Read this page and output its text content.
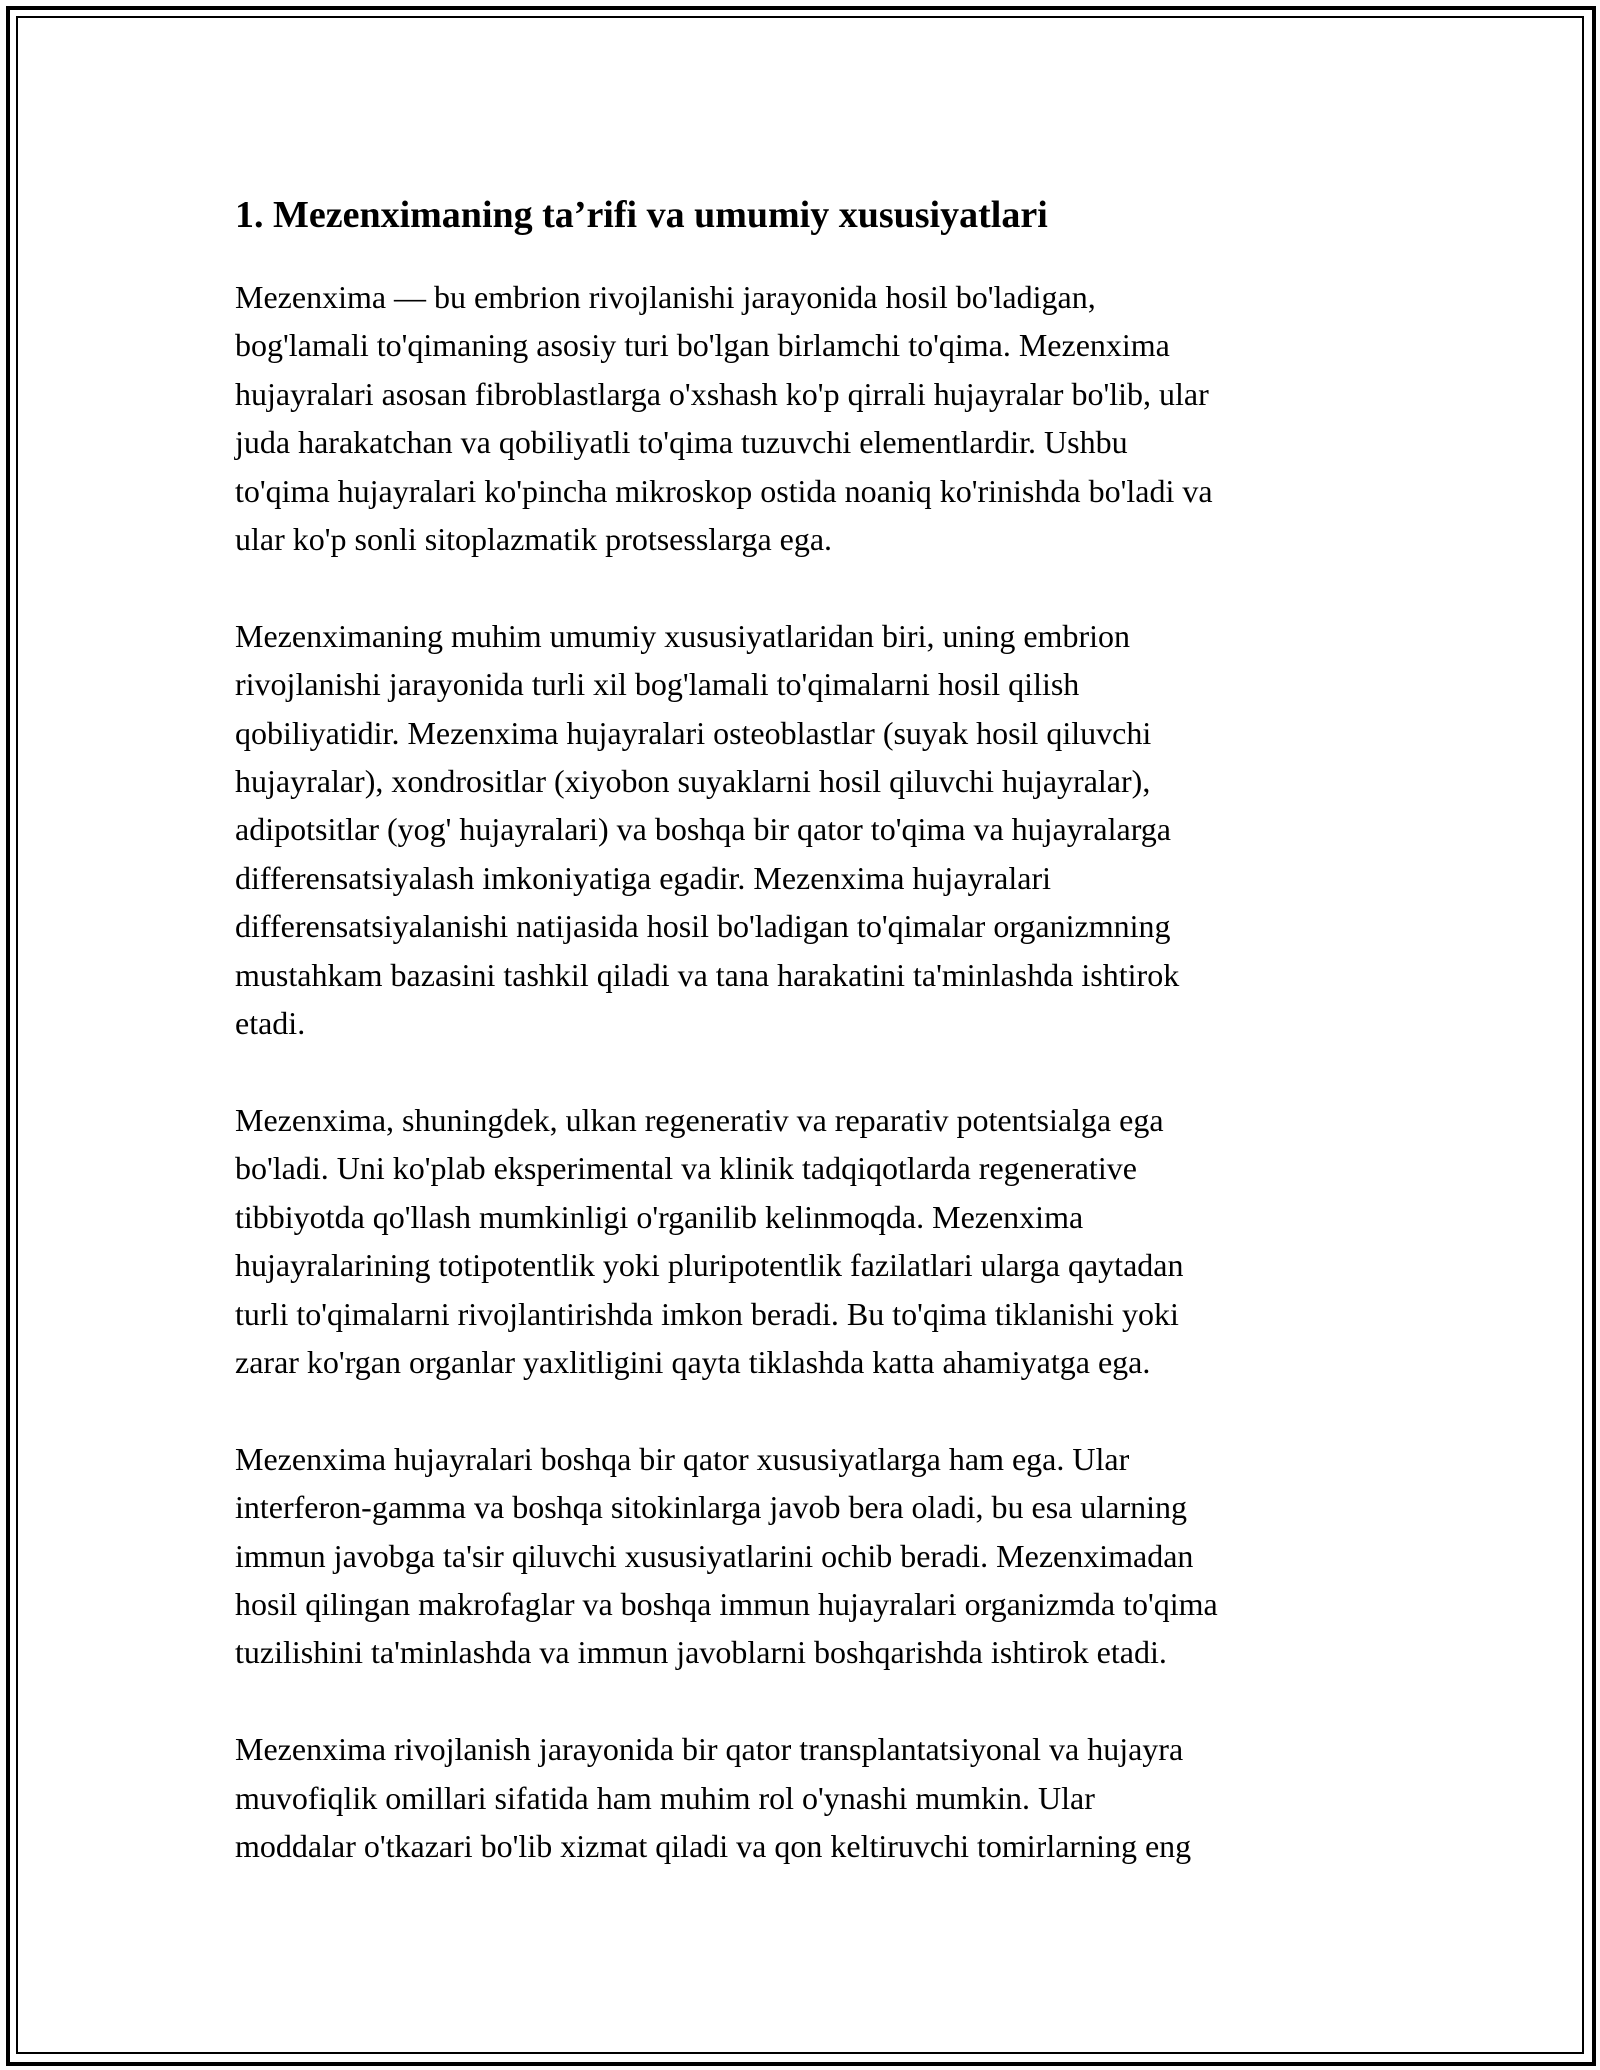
1. Mezenximaning ta’rifi va umumiy xususiyatlari

Mezenxima — bu embrion rivojlanishi jarayonida hosil bo'ladigan,
bog'lamali to'qimaning asosiy turi bo'lgan birlamchi to'qima. Mezenxima
hujayralari asosan fibroblastlarga o'xshash ko'p qirrali hujayralar bo'lib, ular
juda harakatchan va qobiliyatli to'qima tuzuvchi elementlardir. Ushbu
to'qima hujayralari ko'pincha mikroskop ostida noaniq ko'rinishda bo'ladi va
ular ko'p sonli sitoplazmatik protsesslarga ega.

Mezenximaning muhim umumiy xususiyatlaridan biri, uning embrion
rivojlanishi jarayonida turli xil bog'lamali to'qimalarni hosil qilish
qobiliyatidir. Mezenxima hujayralari osteoblastlar (suyak hosil qiluvchi
hujayralar), xondrositlar (xiyobon suyaklarni hosil qiluvchi hujayralar),
adipotsitlar (yog' hujayralari) va boshqa bir qator to'qima va hujayralarga
differensatsiyalash imkoniyatiga egadir. Mezenxima hujayralari
differensatsiyalanishi natijasida hosil bo'ladigan to'qimalar organizmning
mustahkam bazasini tashkil qiladi va tana harakatini ta'minlashda ishtirok
etadi.

Mezenxima, shuningdek, ulkan regenerativ va reparativ potentsialga ega
bo'ladi. Uni ko'plab eksperimental va klinik tadqiqotlarda regenerative
tibbiyotda qo'llash mumkinligi o'rganilib kelinmoqda. Mezenxima
hujayralarining totipotentlik yoki pluripotentlik fazilatlari ularga qaytadan
turli to'qimalarni rivojlantirishda imkon beradi. Bu to'qima tiklanishi yoki
zarar ko'rgan organlar yaxlitligini qayta tiklashda katta ahamiyatga ega.

Mezenxima hujayralari boshqa bir qator xususiyatlarga ham ega. Ular
interferon-gamma va boshqa sitokinlarga javob bera oladi, bu esa ularning
immun javobga ta'sir qiluvchi xususiyatlarini ochib beradi. Mezenximadan
hosil qilingan makrofaglar va boshqa immun hujayralari organizmda to'qima
tuzilishini ta'minlashda va immun javoblarni boshqarishda ishtirok etadi.

Mezenxima rivojlanish jarayonida bir qator transplantatsiyonal va hujayra
muvofiqlik omillari sifatida ham muhim rol o'ynashi mumkin. Ular
moddalar o'tkazari bo'lib xizmat qiladi va qon keltiruvchi tomirlarning eng
